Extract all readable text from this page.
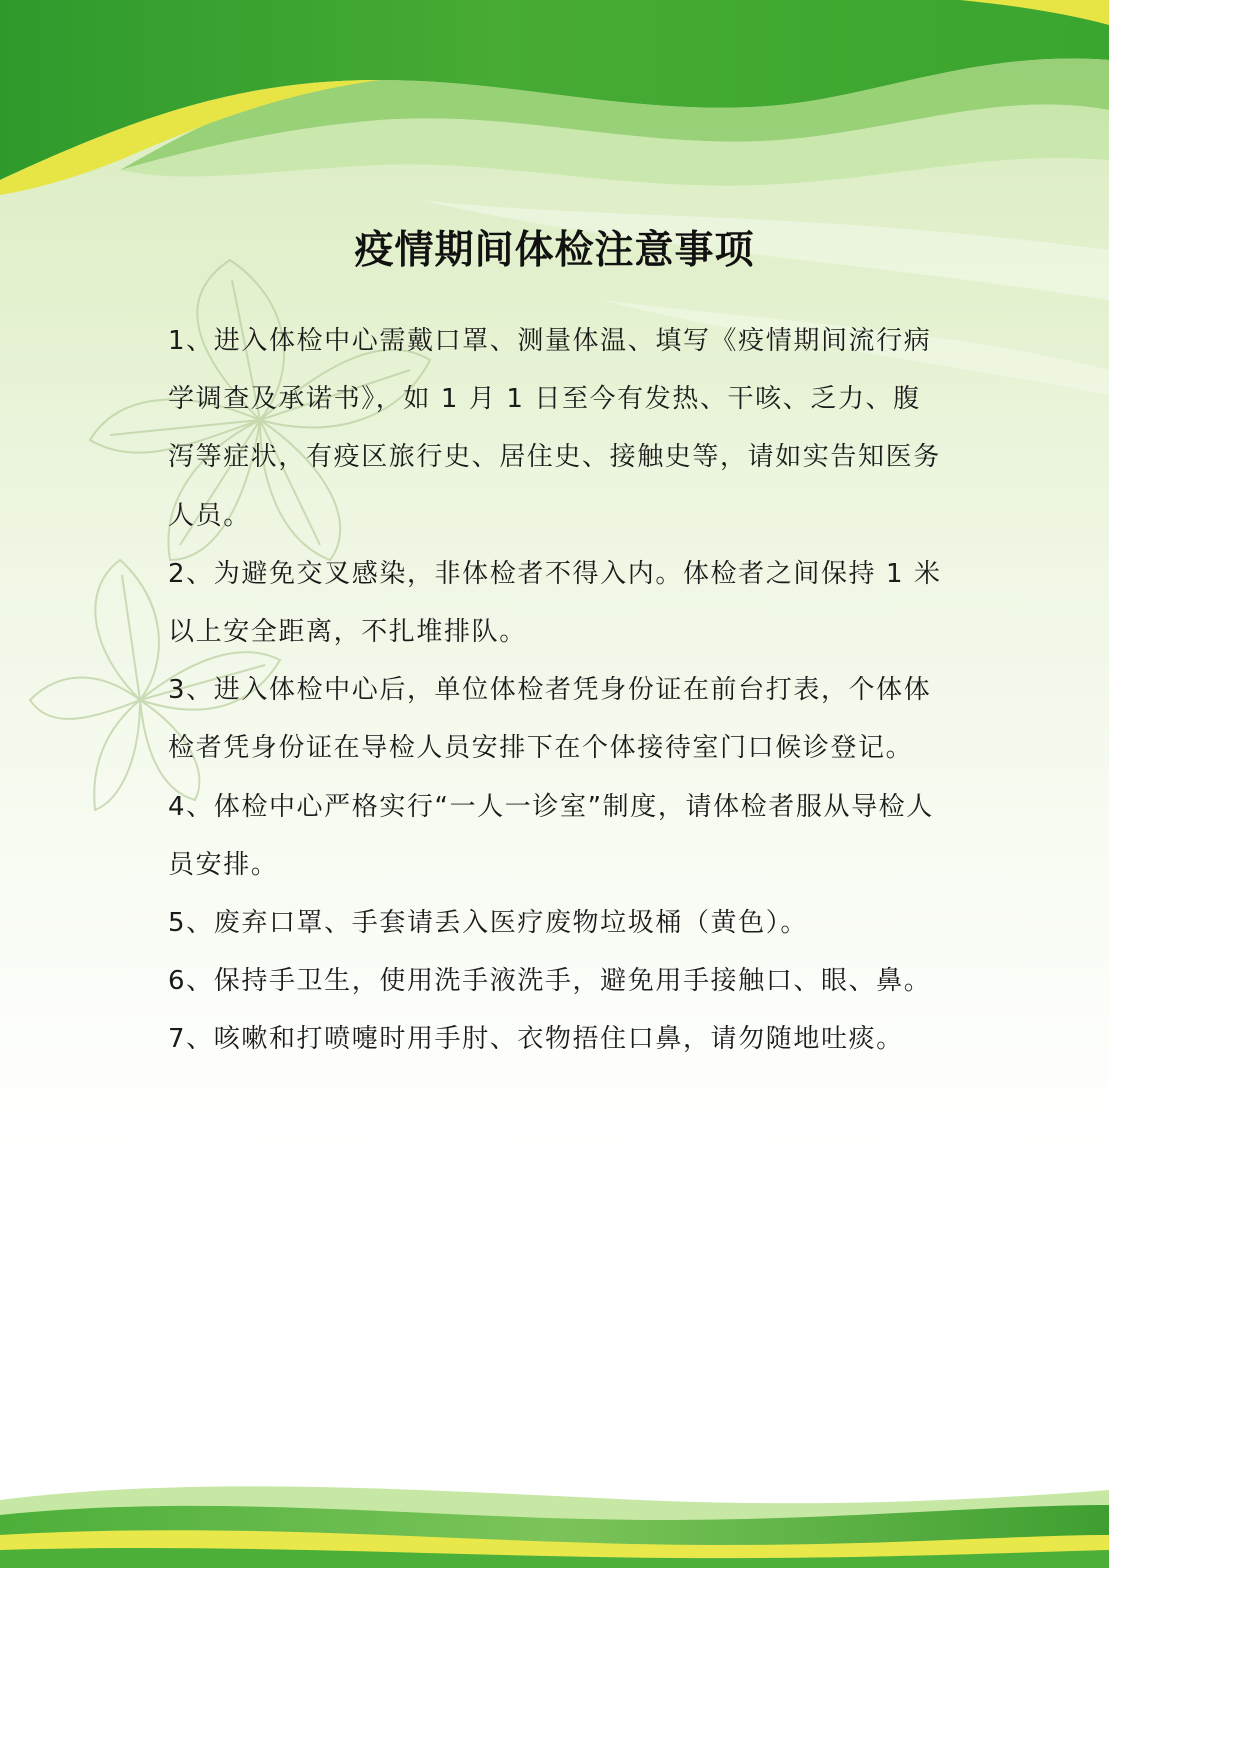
疫情期间体检注意事项

1、进入体检中心需戴口罩、测量体温、填写《疫情期间流行病学调查及承诺书》，如 1 月 1 日至今有发热、干咳、乏力、腹泻等症状，有疫区旅行史、居住史、接触史等，请如实告知医务人员。

2、为避免交叉感染，非体检者不得入内。体检者之间保持 1 米以上安全距离，不扎堆排队。

3、进入体检中心后，单位体检者凭身份证在前台打表，个体体检者凭身份证在导检人员安排下在个体接待室门口候诊登记。

4、体检中心严格实行“一人一诊室”制度，请体检者服从导检人员安排。

5、废弃口罩、手套请丢入医疗废物垃圾桶（黄色）。

6、保持手卫生，使用洗手液洗手，避免用手接触口、眼、鼻。

7、咳嗽和打喷嚏时用手肘、衣物捂住口鼻，请勿随地吐痰。
